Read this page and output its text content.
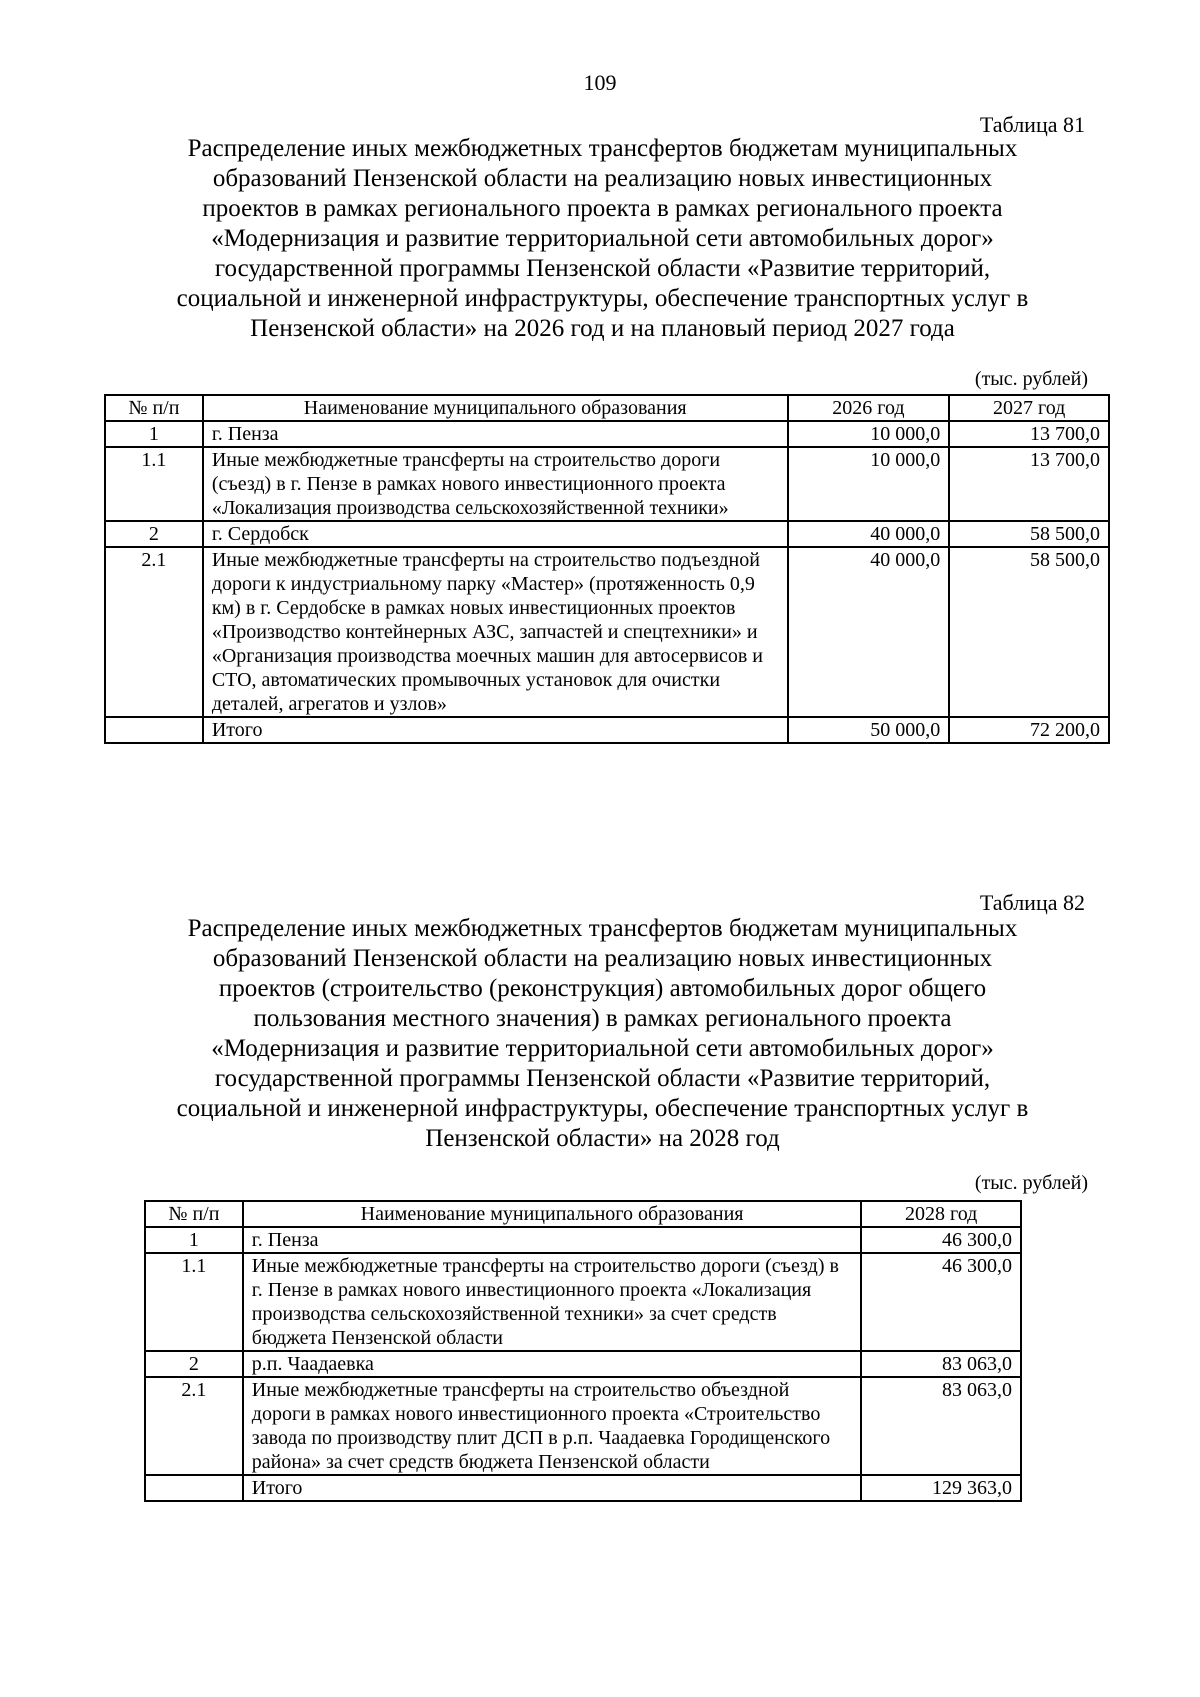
109
Таблица 81
Распределение иных межбюджетных трансфертов бюджетам муниципальных
образований Пензенской области на реализацию новых инвестиционных
проектов в рамках регионального проекта в рамках регионального проекта
«Модернизация и развитие территориальной сети автомобильных дорог»
государственной программы Пензенской области «Развитие территорий,
социальной и инженерной инфраструктуры, обеспечение транспортных услуг в
Пензенской области» на 2026 год и на плановый период 2027 года
(тыс. рублей)
№ п/п	Наименование муниципального образования	2026 год	2027 год
1	г. Пенза	10 000,0	13 700,0
1.1	Иные межбюджетные трансферты на строительство дороги (съезд) в г. Пензе в рамках нового инвестиционного проекта «Локализация производства сельскохозяйственной техники»	10 000,0	13 700,0
2	г. Сердобск	40 000,0	58 500,0
2.1	Иные межбюджетные трансферты на строительство подъездной дороги к индустриальному парку «Мастер» (протяженность 0,9 км) в г. Сердобске в рамках новых инвестиционных проектов «Производство контейнерных АЗС, запчастей и спецтехники» и «Организация производства моечных машин для автосервисов и СТО, автоматических промывочных установок для очистки деталей, агрегатов и узлов»	40 000,0	58 500,0
	Итого	50 000,0	72 200,0
Таблица 82
Распределение иных межбюджетных трансфертов бюджетам муниципальных
образований Пензенской области на реализацию новых инвестиционных
проектов (строительство (реконструкция) автомобильных дорог общего
пользования местного значения) в рамках регионального проекта
«Модернизация и развитие территориальной сети автомобильных дорог»
государственной программы Пензенской области «Развитие территорий,
социальной и инженерной инфраструктуры, обеспечение транспортных услуг в
Пензенской области» на 2028 год
(тыс. рублей)
№ п/п	Наименование муниципального образования	2028 год
1	г. Пенза	46 300,0
1.1	Иные межбюджетные трансферты на строительство дороги (съезд) в г. Пензе в рамках нового инвестиционного проекта «Локализация производства сельскохозяйственной техники» за счет средств бюджета Пензенской области	46 300,0
2	р.п. Чаадаевка	83 063,0
2.1	Иные межбюджетные трансферты на строительство объездной дороги в рамках нового инвестиционного проекта «Строительство завода по производству плит ДСП в р.п. Чаадаевка Городищенского района» за счет средств бюджета Пензенской области	83 063,0
	Итого	129 363,0
